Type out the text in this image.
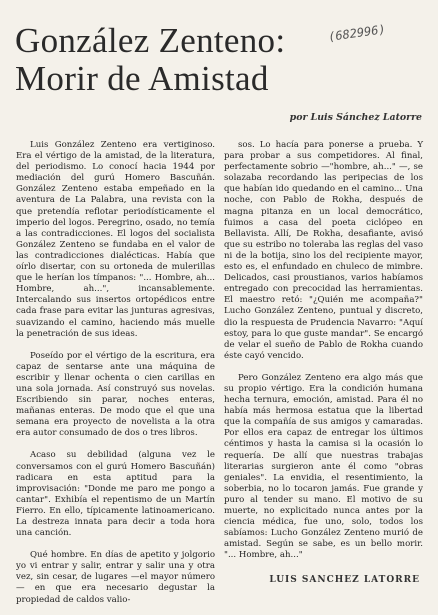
González Zenteno:
Morir de Amistad
(682996)
por Luis Sánchez Latorre

Luis González Zenteno era vertiginoso. Era el vértigo de la amistad, de la literatura, del periodismo. Lo conocí hacia 1944 por mediación del gurú Homero Bascuñán. González Zenteno estaba empeñado en la aventura de La Palabra, una revista con la que pretendía reflotar periodísticamente el imperio del logos. Peregrino, osado, no temía a las contradicciones. El logos del socialista González Zenteno se fundaba en el valor de las contradicciones dialécticas. Había que oírlo disertar, con su ortoneda de mulerillas que le herían los tímpanos: "... Hombre, ah... Hombre, ah...", incansablemente. Intercalando sus insertos ortopédicos entre cada frase para evitar las junturas agresivas, suavizando el camino, haciendo más muelle la penetración de sus ideas.

Poseído por el vértigo de la escritura, era capaz de sentarse ante una máquina de escribir y llenar ochenta o cien carillas en una sola jornada. Así construyó sus novelas. Escribiendo sin parar, noches enteras, mañanas enteras. De modo que el que una semana era proyecto de novelista a la otra era autor consumado de dos o tres libros.

Acaso su debilidad (alguna vez le conversamos con el gurú Homero Bascuñán) radicara en esta aptitud para la improvisación: "Donde me paro me pongo a cantar". Exhibía el repentismo de un Martín Fierro. En ello, típicamente latinoamericano. La destreza innata para decir a toda hora una canción.

Qué hombre. En días de apetito y jolgorio yo vi entrar y salir, entrar y salir una y otra vez, sin cesar, de lugares —el mayor número— en que era necesario degustar la propiedad de caldos valio-

sos. Lo hacía para ponerse a prueba. Y para probar a sus competidores. Al final, perfectamente sobrio —"hombre, ah..." —, se solazaba recordando las peripecias de los que habían ido quedando en el camino... Una noche, con Pablo de Rokha, después de magna pitanza en un local democrático, fuimos a casa del poeta ciclópeo en Bellavista. Allí, De Rokha, desafiante, avisó que su estribo no toleraba las reglas del vaso ni de la botija, sino los del recipiente mayor, esto es, el enfundado en chuleco de mimbre. Delicados, casi proustianos, varios habíamos entregado con precocidad las herramientas. El maestro retó: "¿Quién me acompaña?" Lucho González Zenteno, puntual y discreto, dio la respuesta de Prudencia Navarro: "Aquí estoy, para lo que guste mandar". Se encargó de velar el sueño de Pablo de Rokha cuando éste cayó vencido.

Pero González Zenteno era algo más que su propio vértigo. Era la condición humana hecha ternura, emoción, amistad. Para él no había más hermosa estatua que la libertad que la compañía de sus amigos y camaradas. Por ellos era capaz de entregar los últimos céntimos y hasta la camisa si la ocasión lo requería. De allí que nuestras trabajas literarias surgieron ante él como "obras geniales". La envidia, el resentimiento, la soberbia, no lo tocaron jamás. Fue grande y puro al tender su mano. El motivo de su muerte, no explicitado nunca antes por la ciencia médica, fue uno, solo, todos los sabíamos: Lucho González Zenteno murió de amistad. Según se sabe, es un bello morir. "... Hombre, ah..."

LUIS SANCHEZ LATORRE
